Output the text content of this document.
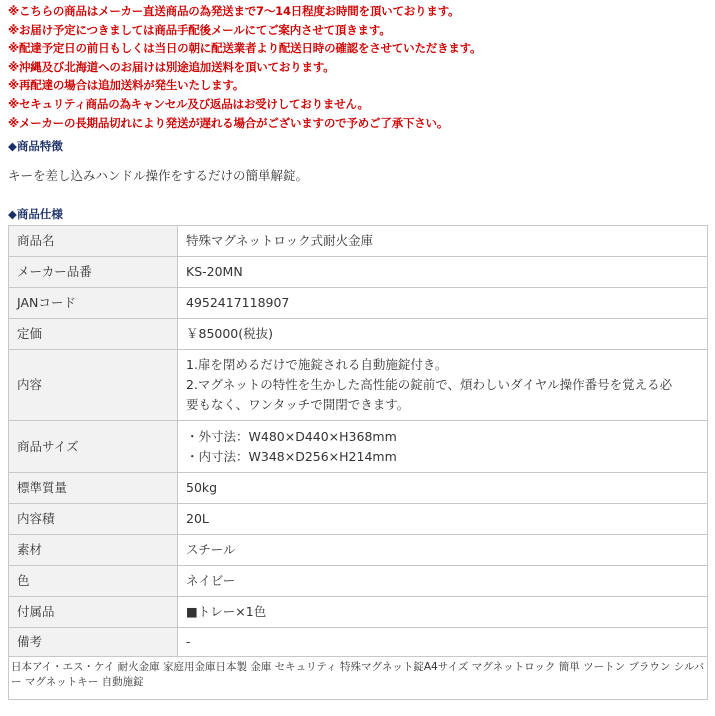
※こちらの商品はメーカー直送商品の為発送まで7～14日程度お時間を頂いております。
※お届け予定につきましては商品手配後メールにてご案内させて頂きます。
※配達予定日の前日もしくは当日の朝に配送業者より配送日時の確認をさせていただきます。
※沖縄及び北海道へのお届けは別途追加送料を頂いております。
※再配達の場合は追加送料が発生いたします。
※セキュリティ商品の為キャンセル及び返品はお受けしておりません。
※メーカーの長期品切れにより発送が遅れる場合がございますので予めご了承下さい。
◆商品特徴
キーを差し込みハンドル操作をするだけの簡単解錠。
◆商品仕様
商品名	特殊マグネットロック式耐火金庫
メーカー品番	KS-20MN
JANコード	4952417118907
定価	￥85000(税抜)
内容	1.扉を閉めるだけで施錠される自動施錠付き。
2.マグネットの特性を生かした高性能の錠前で、煩わしいダイヤル操作番号を覚える必
要もなく、ワンタッチで開閉できます。

商品サイズ	・外寸法：W480×D440×H368mm
・内寸法：W348×D256×H214mm

標準質量	50kg
内容積	20L
素材	スチール
色	ネイビー
付属品	■トレー×1色
備考	-
日本アイ・エス・ケイ 耐火金庫 家庭用金庫日本製 金庫 セキュリティ 特殊マグネット錠A4サイズ マグネットロック 簡単 ツートン ブラウン シルバー マグネットキー 自動施錠	
